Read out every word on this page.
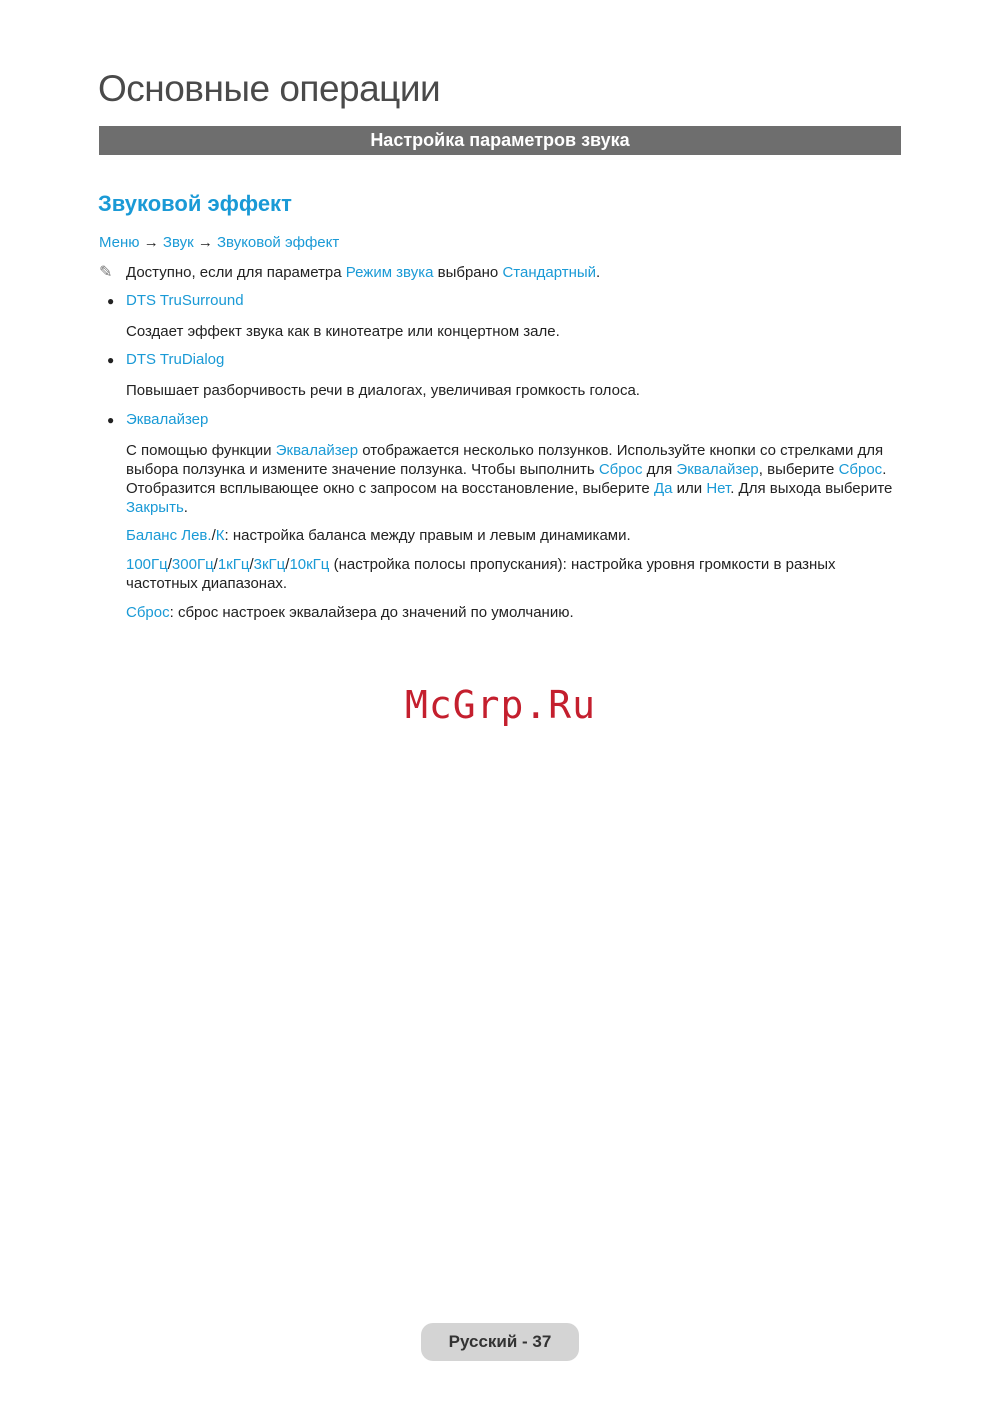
Основные операции
Настройка параметров звука
Звуковой эффект
Меню → Звук → Звуковой эффект
✎ Доступно, если для параметра Режим звука выбрано Стандартный.
● DTS TruSurround
Создает эффект звука как в кинотеатре или концертном зале.
● DTS TruDialog
Повышает разборчивость речи в диалогах, увеличивая громкость голоса.
● Эквалайзер
С помощью функции Эквалайзер отображается несколько ползунков. Используйте кнопки со стрелками для выбора ползунка и измените значение ползунка. Чтобы выполнить Сброс для Эквалайзер, выберите Сброс. Отобразится всплывающее окно с запросом на восстановление, выберите Да или Нет. Для выхода выберите Закрыть.
Баланс Лев./К: настройка баланса между правым и левым динамиками.
100Гц/300Гц/1кГц/3кГц/10кГц (настройка полосы пропускания): настройка уровня громкости в разных частотных диапазонах.
Сброс: сброс настроек эквалайзера до значений по умолчанию.
McGrp.Ru
Русский - 37
